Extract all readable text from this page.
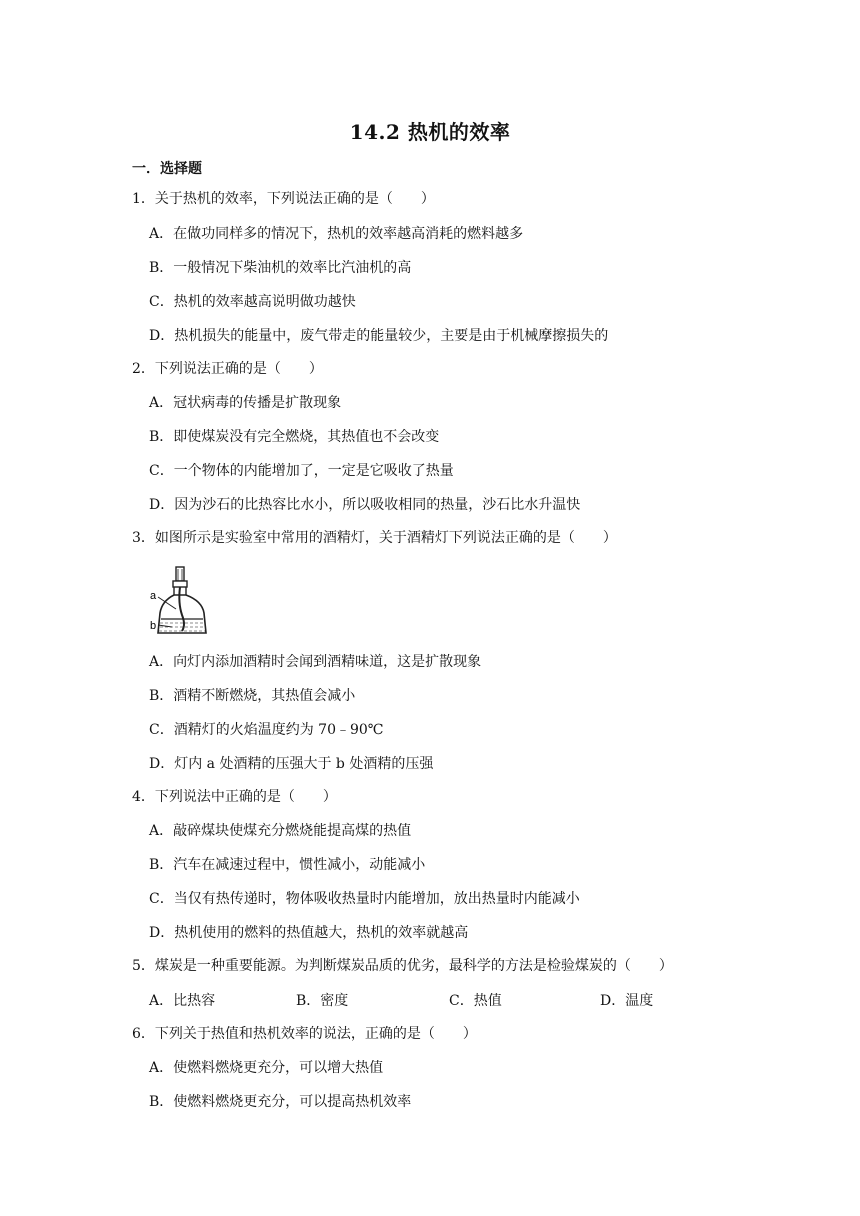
14.2 热机的效率
一．选择题
1．关于热机的效率，下列说法正确的是（　　）
A．在做功同样多的情况下，热机的效率越高消耗的燃料越多
B．一般情况下柴油机的效率比汽油机的高
C．热机的效率越高说明做功越快
D．热机损失的能量中，废气带走的能量较少，主要是由于机械摩擦损失的
2．下列说法正确的是（　　）
A．冠状病毒的传播是扩散现象
B．即使煤炭没有完全燃烧，其热值也不会改变
C．一个物体的内能增加了，一定是它吸收了热量
D．因为沙石的比热容比水小，所以吸收相同的热量，沙石比水升温快
3．如图所示是实验室中常用的酒精灯，关于酒精灯下列说法正确的是（　　）
a
b
A．向灯内添加酒精时会闻到酒精味道，这是扩散现象
B．酒精不断燃烧，其热值会减小
C．酒精灯的火焰温度约为 70﹣90℃
D．灯内 a 处酒精的压强大于 b 处酒精的压强
4．下列说法中正确的是（　　）
A．敲碎煤块使煤充分燃烧能提高煤的热值
B．汽车在减速过程中，惯性减小，动能减小
C．当仅有热传递时，物体吸收热量时内能增加，放出热量时内能减小
D．热机使用的燃料的热值越大，热机的效率就越高
5．煤炭是一种重要能源。为判断煤炭品质的优劣，最科学的方法是检验煤炭的（　　）
A．比热容	B．密度	C．热值	D．温度
6．下列关于热值和热机效率的说法，正确的是（　　）
A．使燃料燃烧更充分，可以增大热值
B．使燃料燃烧更充分，可以提高热机效率
